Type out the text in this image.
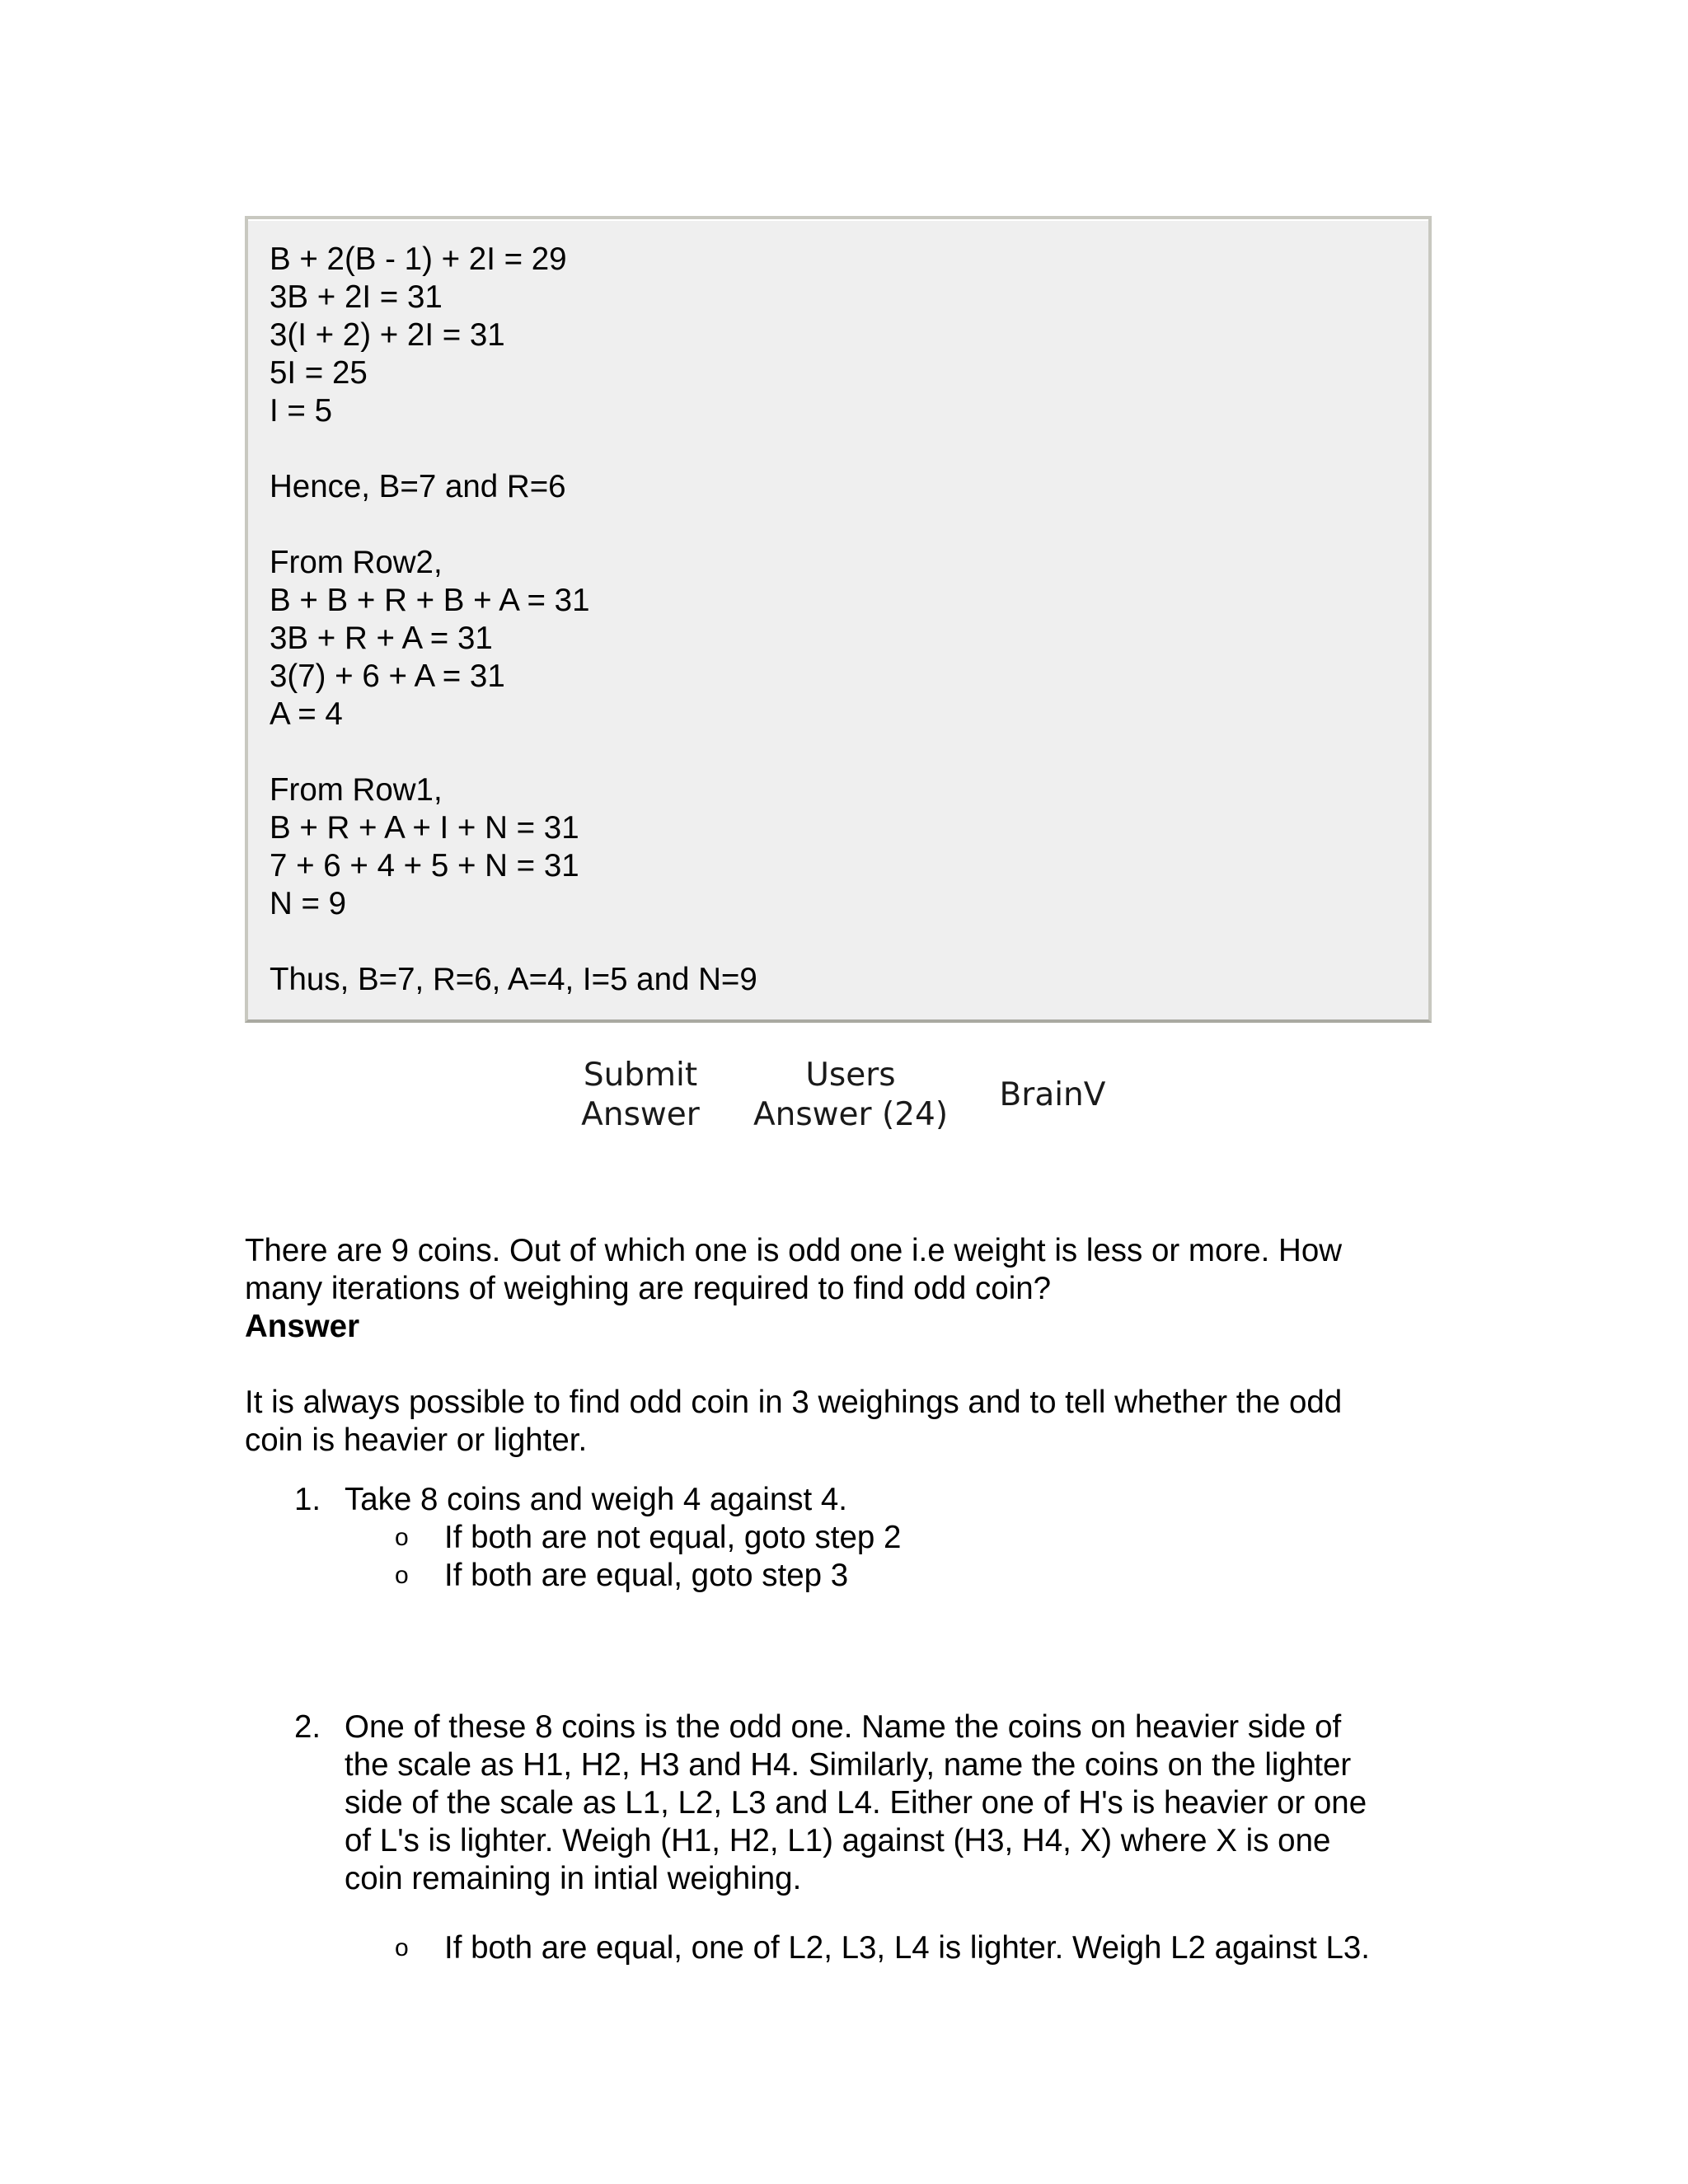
B + 2(B - 1) + 2I = 29
3B + 2I = 31
3(I + 2) + 2I = 31
5I = 25
I = 5
Hence, B=7 and R=6
From Row2,
B + B + R + B + A = 31
3B + R + A = 31
3(7) + 6 + A = 31
A = 4
From Row1,
B + R + A + I + N = 31
7 + 6 + 4 + 5 + N = 31
N = 9
Thus, B=7, R=6, A=4, I=5 and N=9
Submit
Answer
Users
Answer (24)
BrainV

There are 9 coins. Out of which one is odd one i.e weight is less or more. How

many iterations of weighing are required to find odd coin?

Answer

It is always possible to find odd coin in 3 weighings and to tell whether the odd

coin is heavier or lighter.

1. Take 8 coins and weigh 4 against 4.
o If both are not equal, goto step 2
o If both are equal, goto step 3
2. One of these 8 coins is the odd one. Name the coins on heavier side of
the scale as H1, H2, H3 and H4. Similarly, name the coins on the lighter
side of the scale as L1, L2, L3 and L4. Either one of H's is heavier or one
of L's is lighter. Weigh (H1, H2, L1) against (H3, H4, X) where X is one
coin remaining in intial weighing.
o If both are equal, one of L2, L3, L4 is lighter. Weigh L2 against L3.
